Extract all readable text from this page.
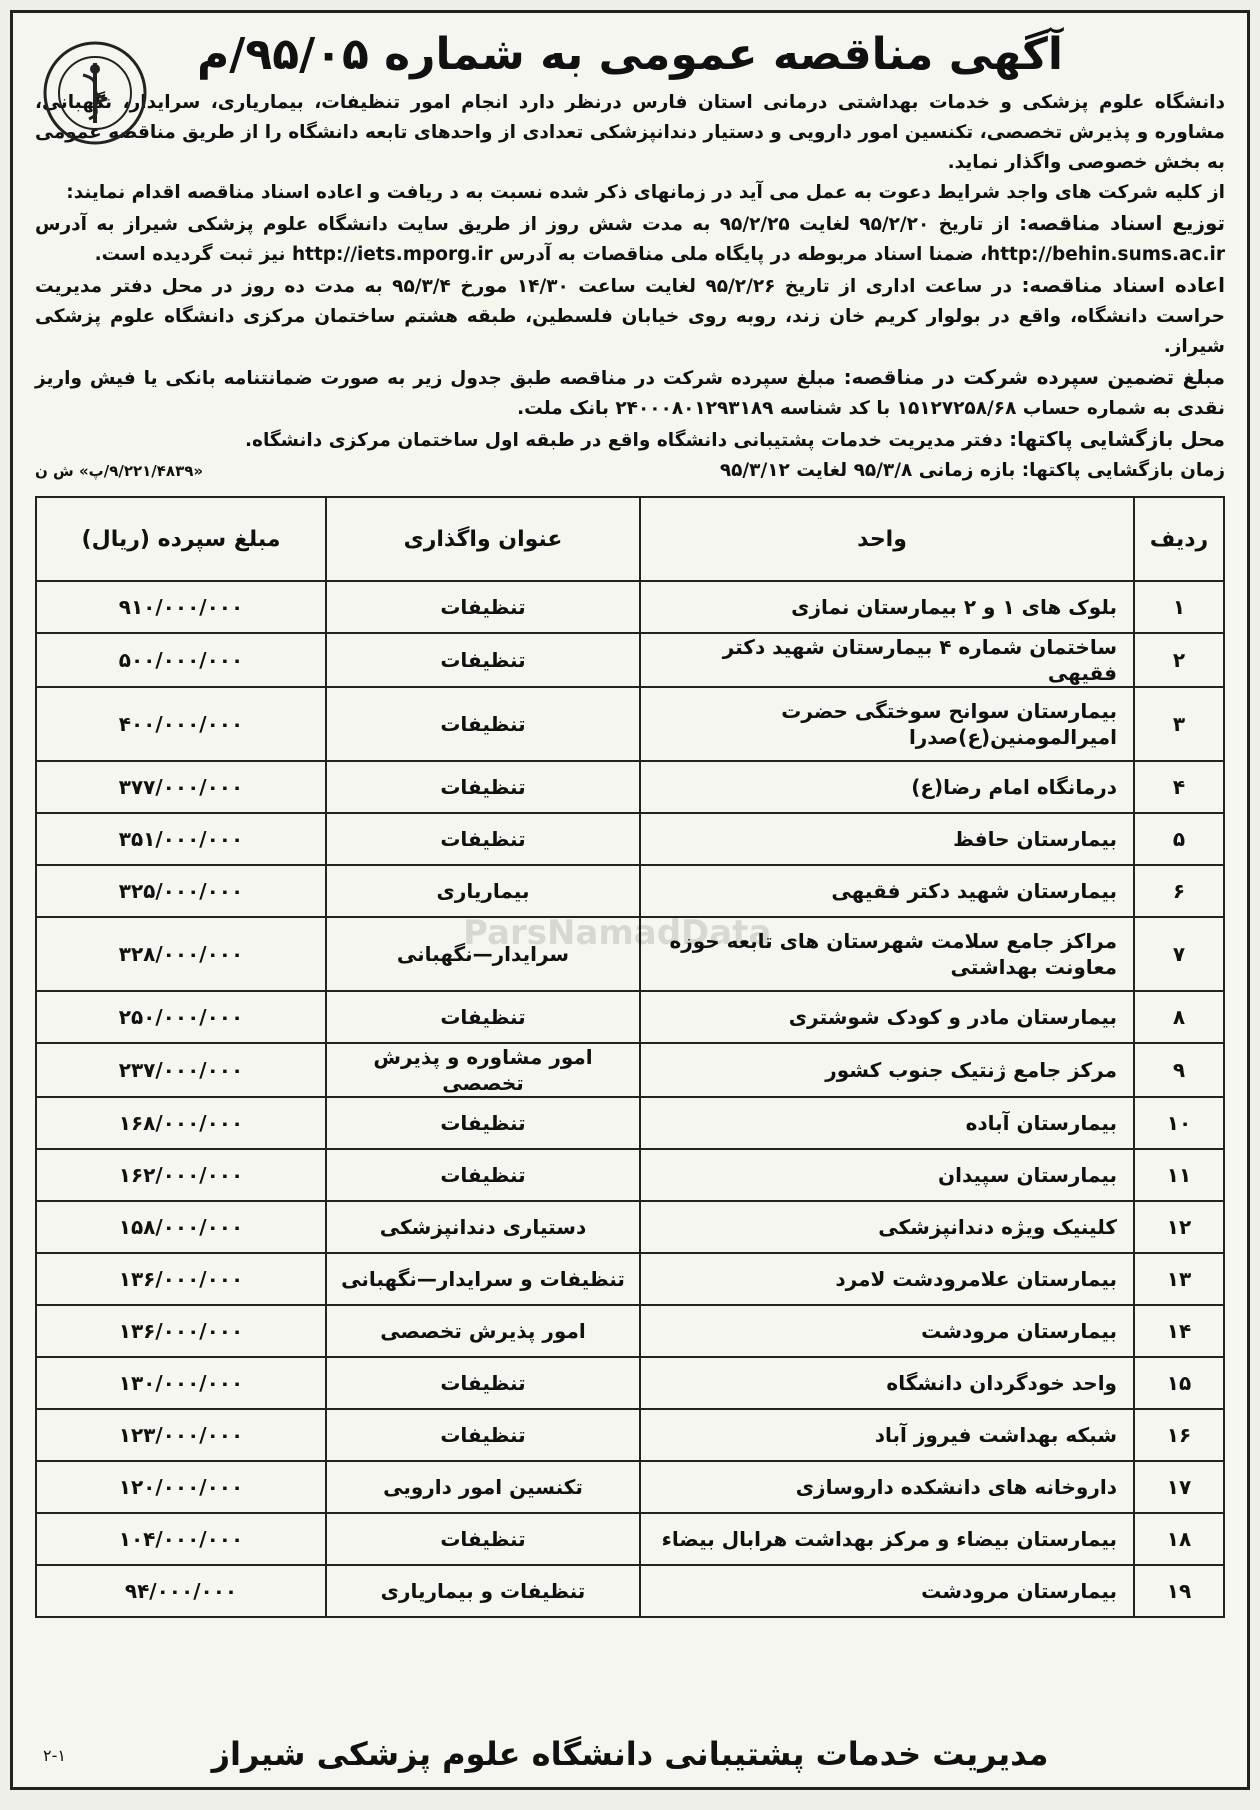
آگهی مناقصه عمومی به شماره ۹۵/۰۵/م

دانشگاه علوم پزشکی و خدمات بهداشتی درمانی استان فارس درنظر دارد انجام امور تنظیفات، بیماریاری، سرایدار، نگهبانی، مشاوره و پذیرش تخصصی، تکنسین امور دارویی و دستیار دندانپزشکی تعدادی از واحدهای تابعه دانشگاه را از طریق مناقصه عمومی به بخش خصوصی واگذار نماید.

از کلیه شرکت های واجد شرایط دعوت به عمل می آید در زمانهای ذکر شده نسبت به د ریافت و اعاده اسناد مناقصه اقدام نمایند:

توزیع اسناد مناقصه: از تاریخ ۹۵/۲/۲۰ لغایت ۹۵/۲/۲۵ به مدت شش روز از طریق سایت دانشگاه علوم پزشکی شیراز به آدرس http://behin.sums.ac.ir، ضمنا اسناد مربوطه در پایگاه ملی مناقصات به آدرس http://iets.mporg.ir نیز ثبت گردیده است.

اعاده اسناد مناقصه: در ساعت اداری از تاریخ ۹۵/۲/۲۶ لغایت ساعت ۱۴/۳۰ مورخ ۹۵/۳/۴ به مدت ده روز در محل دفتر مدیریت حراست دانشگاه، واقع در بولوار کریم خان زند، روبه روی خیابان فلسطین، طبقه هشتم ساختمان مرکزی دانشگاه علوم پزشکی شیراز.

مبلغ تضمین سپرده شرکت در مناقصه: مبلغ سپرده شرکت در مناقصه طبق جدول زیر به صورت ضمانتنامه بانکی یا فیش واریز نقدی به شماره حساب ۱۵۱۲۷۲۵۸/۶۸ با کد شناسه ۲۴۰۰۰۸۰۱۲۹۳۱۸۹ بانک ملت.

محل بازگشایی پاکتها: دفتر مدیریت خدمات پشتیبانی دانشگاه واقع در طبقه اول ساختمان مرکزی دانشگاه.

زمان بازگشایی پاکتها: بازه زمانی ۹۵/۳/۸ لغایت ۹۵/۳/۱۲
«۹/۲۲۱/۴۸۳۹/پ» ش ن
ردیف	واحد	عنوان واگذاری	مبلغ سپرده (ریال)
۱	بلوک های ۱ و ۲ بیمارستان نمازی	تنظیفات	۹۱۰/۰۰۰/۰۰۰
۲	ساختمان شماره ۴ بیمارستان شهید دکتر فقیهی	تنظیفات	۵۰۰/۰۰۰/۰۰۰
۳	بیمارستان سوانح سوختگی حضرت امیرالمومنین(ع)صدرا	تنظیفات	۴۰۰/۰۰۰/۰۰۰
۴	درمانگاه امام رضا(ع)	تنظیفات	۳۷۷/۰۰۰/۰۰۰
۵	بیمارستان حافظ	تنظیفات	۳۵۱/۰۰۰/۰۰۰
۶	بیمارستان شهید دکتر فقیهی	بیماریاری	۳۲۵/۰۰۰/۰۰۰
۷	مراکز جامع سلامت شهرستان های تابعه حوزه معاونت بهداشتی	سرایدار—نگهبانی	۳۲۸/۰۰۰/۰۰۰
۸	بیمارستان مادر و کودک شوشتری	تنظیفات	۲۵۰/۰۰۰/۰۰۰
۹	مرکز جامع ژنتیک جنوب کشور	امور مشاوره و پذیرش تخصصی	۲۳۷/۰۰۰/۰۰۰
۱۰	بیمارستان آباده	تنظیفات	۱۶۸/۰۰۰/۰۰۰
۱۱	بیمارستان سپیدان	تنظیفات	۱۶۲/۰۰۰/۰۰۰
۱۲	کلینیک ویژه دندانپزشکی	دستیاری دندانپزشکی	۱۵۸/۰۰۰/۰۰۰
۱۳	بیمارستان علامرودشت لامرد	تنظیفات و سرایدار—نگهبانی	۱۳۶/۰۰۰/۰۰۰
۱۴	بیمارستان مرودشت	امور پذیرش تخصصی	۱۳۶/۰۰۰/۰۰۰
۱۵	واحد خودگردان دانشگاه	تنظیفات	۱۳۰/۰۰۰/۰۰۰
۱۶	شبکه بهداشت فیروز آباد	تنظیفات	۱۲۳/۰۰۰/۰۰۰
۱۷	داروخانه های دانشکده داروسازی	تکنسین امور دارویی	۱۲۰/۰۰۰/۰۰۰
۱۸	بیمارستان بیضاء و مرکز بهداشت هرابال بیضاء	تنظیفات	۱۰۴/۰۰۰/۰۰۰
۱۹	بیمارستان مرودشت	تنظیفات و بیماریاری	۹۴/۰۰۰/۰۰۰
ParsNamadData
مدیریت خدمات پشتیبانی دانشگاه علوم پزشکی شیراز
۲-۱
